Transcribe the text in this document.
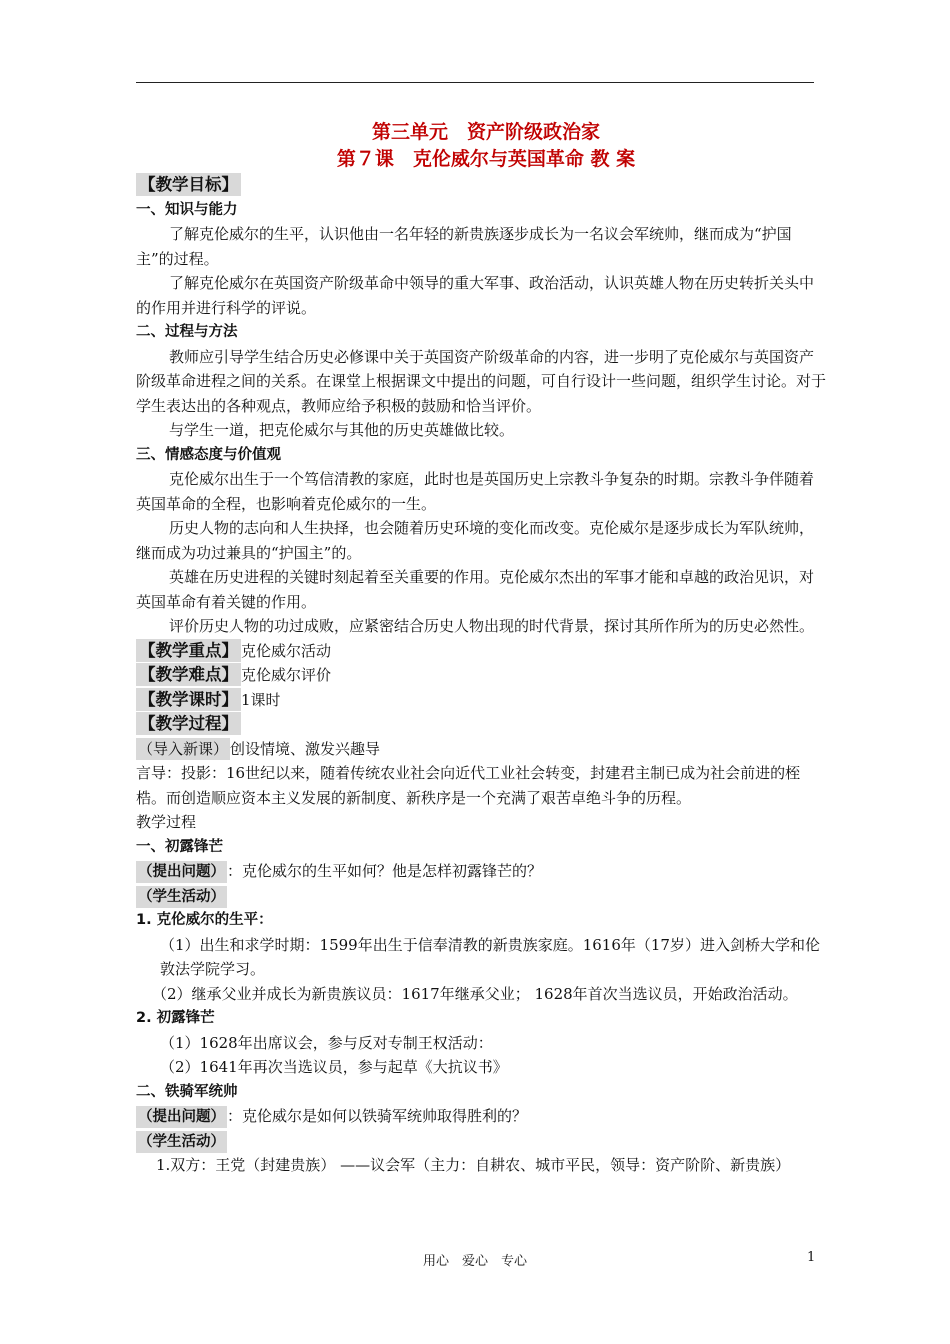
第三单元　资产阶级政治家
第７课　克伦威尔与英国革命 教 案
【教学目标】
一、知识与能力

了解克伦威尔的生平，认识他由一名年轻的新贵族逐步成长为一名议会军统帅，继而成为“护国主”的过程。

了解克伦威尔在英国资产阶级革命中领导的重大军事、政治活动，认识英雄人物在历史转折关头中的作用并进行科学的评说。

二、过程与方法

教师应引导学生结合历史必修课中关于英国资产阶级革命的内容，进一步明了克伦威尔与英国资产阶级革命进程之间的关系。在课堂上根据课文中提出的问题，可自行设计一些问题，组织学生讨论。对于学生表达出的各种观点，教师应给予积极的鼓励和恰当评价。

与学生一道，把克伦威尔与其他的历史英雄做比较。

三、情感态度与价值观

克伦威尔出生于一个笃信清教的家庭，此时也是英国历史上宗教斗争复杂的时期。宗教斗争伴随着英国革命的全程，也影响着克伦威尔的一生。

历史人物的志向和人生抉择，也会随着历史环境的变化而改变。克伦威尔是逐步成长为军队统帅，继而成为功过兼具的“护国主”的。

英雄在历史进程的关键时刻起着至关重要的作用。克伦威尔杰出的军事才能和卓越的政治见识，对英国革命有着关键的作用。

评价历史人物的功过成败，应紧密结合历史人物出现的时代背景，探讨其所作所为的历史必然性。

【教学重点】 克伦威尔活动
【教学难点】 克伦威尔评价
【教学课时】 1课时
【教学过程】
（导入新课） 创设情境、激发兴趣导

言导：投影：16世纪以来，随着传统农业社会向近代工业社会转变，封建君主制已成为社会前进的桎梏。而创造顺应资本主义发展的新制度、新秩序是一个充满了艰苦卓绝斗争的历程。

教学过程

一、初露锋芒
（提出问题） ：克伦威尔的生平如何？他是怎样初露锋芒的？
（学生活动）
1. 克伦威尔的生平：

（1）出生和求学时期：1599年出生于信奉清教的新贵族家庭。1616年（17岁）进入剑桥大学和伦敦法学院学习。

（2）继承父业并成长为新贵族议员：1617年继承父业； 1628年首次当选议员，开始政治活动。

2. 初露锋芒

（1）1628年出席议会，参与反对专制王权活动：

（2）1641年再次当选议员，参与起草《大抗议书》

二、铁骑军统帅
（提出问题） ：克伦威尔是如何以铁骑军统帅取得胜利的？
（学生活动）

1.双方：王党（封建贵族） ——议会军（主力：自耕农、城市平民，领导：资产阶阶、新贵族）

用心　爱心　专心	1
